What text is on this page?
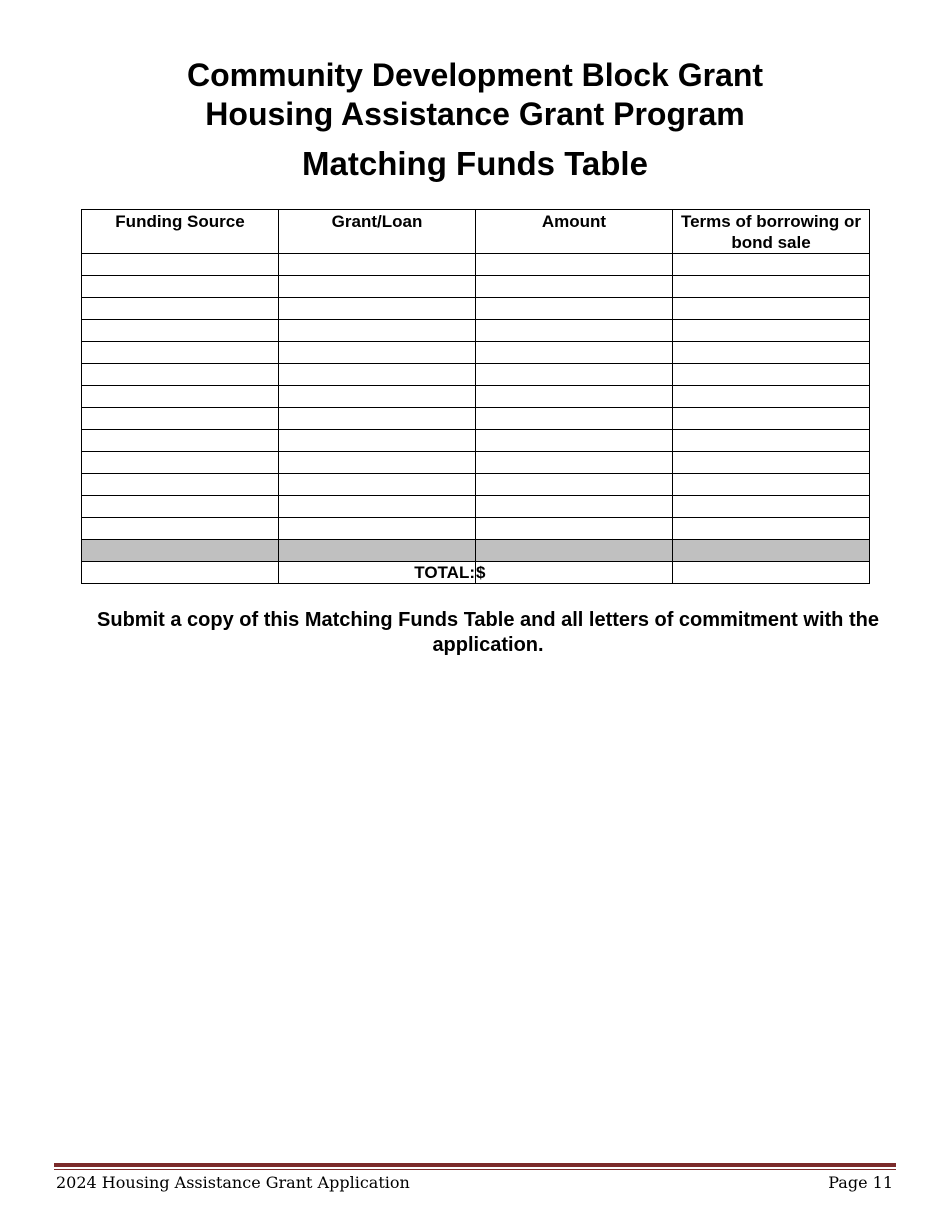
Community Development Block Grant
Housing Assistance Grant Program
Matching Funds Table
Funding Source	Grant/Loan	Amount	Terms of borrowing or bond sale

	TOTAL:	$	
Submit a copy of this Matching Funds Table and all letters of commitment with the application.
2024 Housing Assistance Grant Application	Page 11
